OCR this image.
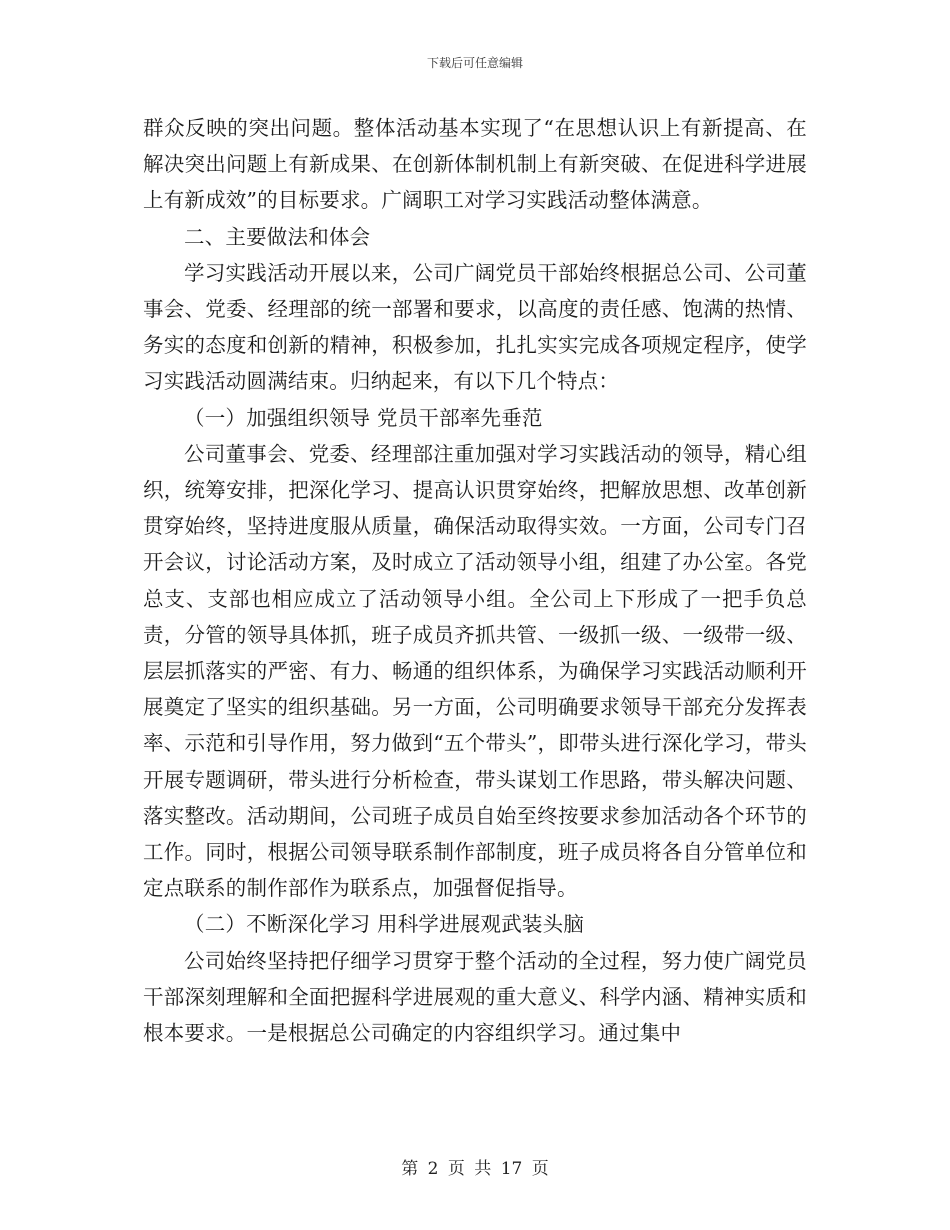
下载后可任意编辑

群众反映的突出问题。整体活动基本实现了“在思想认识上有新提高、在解决突出问题上有新成果、在创新体制机制上有新突破、在促进科学进展上有新成效”的目标要求。广阔职工对学习实践活动整体满意。

二、主要做法和体会

学习实践活动开展以来，公司广阔党员干部始终根据总公司、公司董事会、党委、经理部的统一部署和要求，以高度的责任感、饱满的热情、务实的态度和创新的精神，积极参加，扎扎实实完成各项规定程序，使学习实践活动圆满结束。归纳起来，有以下几个特点：

（一）加强组织领导 党员干部率先垂范

公司董事会、党委、经理部注重加强对学习实践活动的领导，精心组织，统筹安排，把深化学习、提高认识贯穿始终，把解放思想、改革创新贯穿始终，坚持进度服从质量，确保活动取得实效。一方面，公司专门召开会议，讨论活动方案，及时成立了活动领导小组，组建了办公室。各党总支、支部也相应成立了活动领导小组。全公司上下形成了一把手负总责，分管的领导具体抓，班子成员齐抓共管、一级抓一级、一级带一级、层层抓落实的严密、有力、畅通的组织体系，为确保学习实践活动顺利开展奠定了坚实的组织基础。另一方面，公司明确要求领导干部充分发挥表率、示范和引导作用，努力做到“五个带头”，即带头进行深化学习，带头开展专题调研，带头进行分析检查，带头谋划工作思路，带头解决问题、落实整改。活动期间，公司班子成员自始至终按要求参加活动各个环节的工作。同时，根据公司领导联系制作部制度，班子成员将各自分管单位和定点联系的制作部作为联系点，加强督促指导。

（二）不断深化学习 用科学进展观武装头脑

公司始终坚持把仔细学习贯穿于整个活动的全过程，努力使广阔党员干部深刻理解和全面把握科学进展观的重大意义、科学内涵、精神实质和根本要求。一是根据总公司确定的内容组织学习。通过集中

第 2 页 共 17 页
